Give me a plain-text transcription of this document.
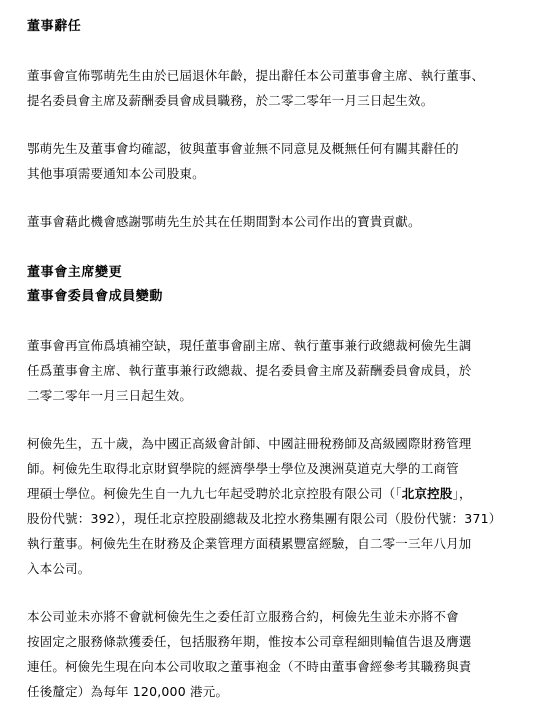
董事辭任
董事會宣佈鄂萌先生由於已屆退休年齡，提出辭任本公司董事會主席、執行董事、
提名委員會主席及薪酬委員會成員職務，於二零二零年一月三日起生效。
鄂萌先生及董事會均確認，彼與董事會並無不同意見及概無任何有關其辭任的
其他事項需要通知本公司股東。
董事會藉此機會感謝鄂萌先生於其在任期間對本公司作出的寶貴貢獻。
董事會主席變更
董事會委員會成員變動
董事會再宣佈爲填補空缺，現任董事會副主席、執行董事兼行政總裁柯儉先生調
任爲董事會主席、執行董事兼行政總裁、提名委員會主席及薪酬委員會成員，於
二零二零年一月三日起生效。
柯儉先生，五十歲，為中國正高級會計師、中國註冊稅務師及高級國際財務管理
師。柯儉先生取得北京財貿學院的經濟學學士學位及澳洲莫道克大學的工商管
理碩士學位。柯儉先生自一九九七年起受聘於北京控股有限公司（「北京控股」，
股份代號：392），現任北京控股副總裁及北控水務集團有限公司（股份代號：371）
執行董事。柯儉先生在財務及企業管理方面積累豐富經驗，自二零一三年八月加
入本公司。
本公司並未亦將不會就柯儉先生之委任訂立服務合約，柯儉先生並未亦將不會
按固定之服務條款獲委任，包括服務年期，惟按本公司章程細則輪值告退及膺選
連任。柯儉先生現在向本公司收取之董事袍金（不時由董事會經參考其職務與責
任後釐定）為每年 120,000 港元。
